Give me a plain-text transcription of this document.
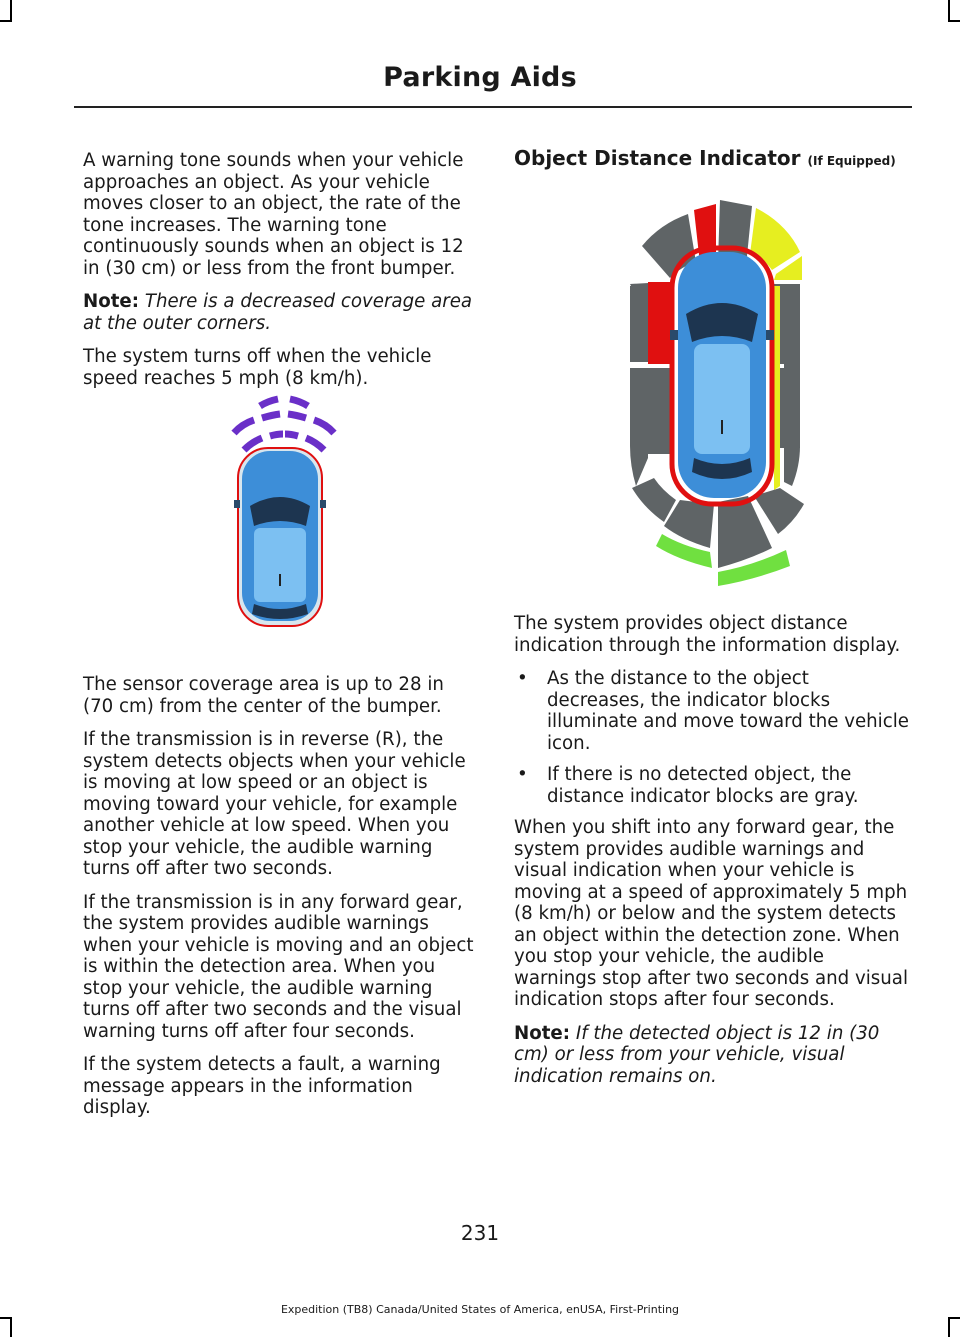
Parking Aids

A warning tone sounds when your vehicle approaches an object. As your vehicle moves closer to an object, the rate of the tone increases. The warning tone continuously sounds when an object is 12 in (30 cm) or less from the front bumper.

Note: There is a decreased coverage area at the outer corners.

The system turns off when the vehicle speed reaches 5 mph (8 km/h).

The sensor coverage area is up to 28 in (70 cm) from the center of the bumper.

If the transmission is in reverse (R), the system detects objects when your vehicle is moving at low speed or an object is moving toward your vehicle, for example another vehicle at low speed. When you stop your vehicle, the audible warning turns off after two seconds.

If the transmission is in any forward gear, the system provides audible warnings when your vehicle is moving and an object is within the detection area. When you stop your vehicle, the audible warning turns off after two seconds and the visual warning turns off after four seconds.

If the system detects a fault, a warning message appears in the information display.

Object Distance Indicator (If Equipped)

The system provides object distance indication through the information display.

• As the distance to the object decreases, the indicator blocks illuminate and move toward the vehicle icon.
• If there is no detected object, the distance indicator blocks are gray.

When you shift into any forward gear, the system provides audible warnings and visual indication when your vehicle is moving at a speed of approximately 5 mph (8 km/h) or below and the system detects an object within the detection zone. When you stop your vehicle, the audible warnings stop after two seconds and visual indication stops after four seconds.

Note: If the detected object is 12 in (30 cm) or less from your vehicle, visual indication remains on.

231
Expedition (TB8) Canada/United States of America, enUSA, First-Printing
